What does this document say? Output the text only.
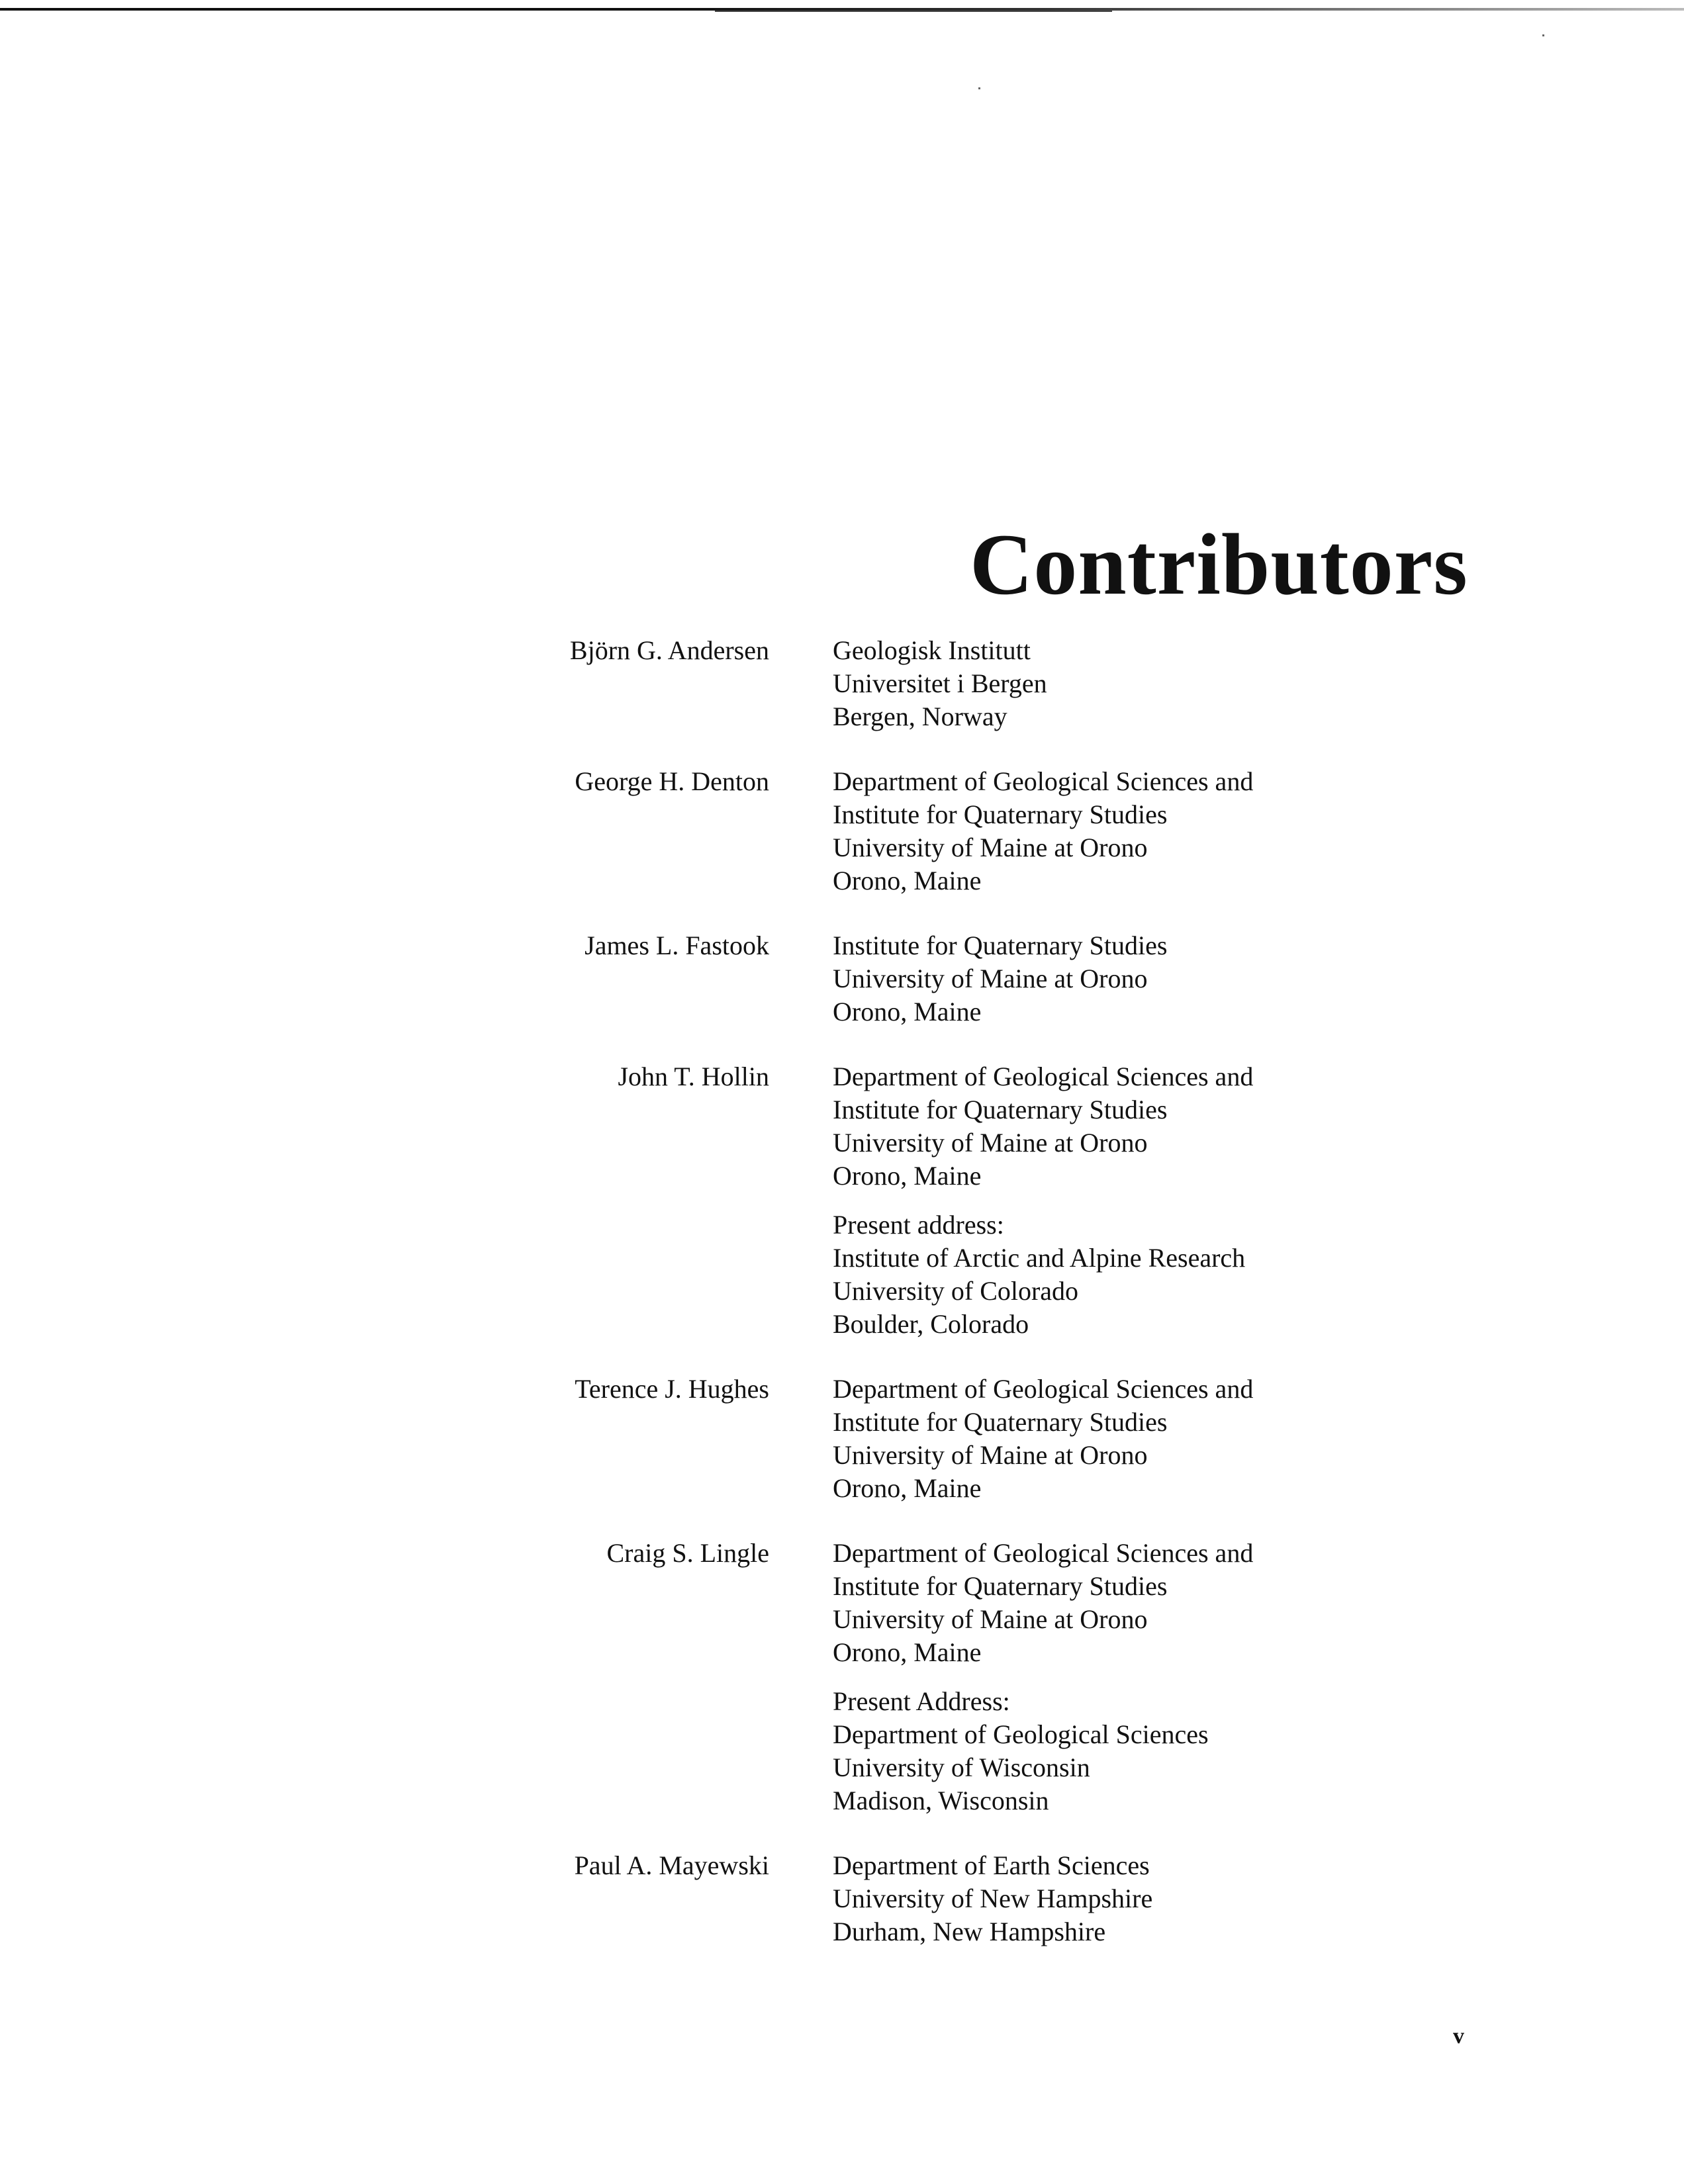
Contributors
Björn G. Andersen Geologisk Institutt
Universitet i Bergen
Bergen, Norway
George H. Denton Department of Geological Sciences and
Institute for Quaternary Studies
University of Maine at Orono
Orono, Maine
James L. Fastook Institute for Quaternary Studies
University of Maine at Orono
Orono, Maine
John T. Hollin Department of Geological Sciences and
Institute for Quaternary Studies
University of Maine at Orono
Orono, Maine
Present address:
Institute of Arctic and Alpine Research
University of Colorado
Boulder, Colorado
Terence J. Hughes Department of Geological Sciences and
Institute for Quaternary Studies
University of Maine at Orono
Orono, Maine
Craig S. Lingle Department of Geological Sciences and
Institute for Quaternary Studies
University of Maine at Orono
Orono, Maine
Present Address:
Department of Geological Sciences
University of Wisconsin
Madison, Wisconsin
Paul A. Mayewski Department of Earth Sciences
University of New Hampshire
Durham, New Hampshire
v
